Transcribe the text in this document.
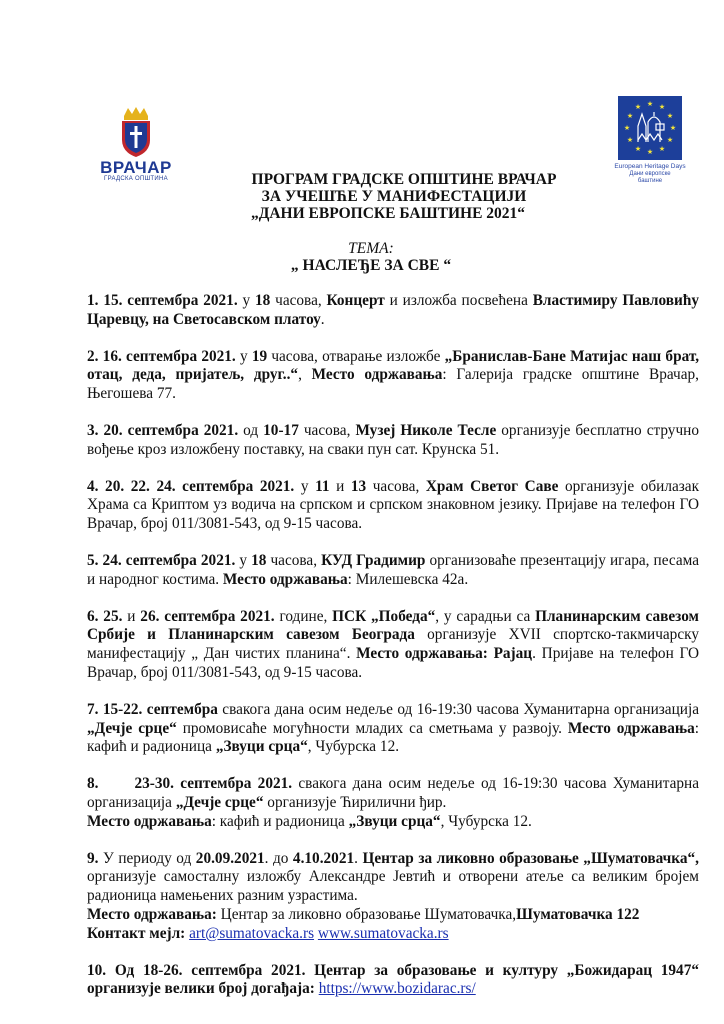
ВРАЧАР
ГРАДСКА ОПШТИНА
★ ★
★
★
★
★
★
★
★
★
★
★
European Heritage Days
Дани европске
баштине
ПРОГРАМ ГРАДСКЕ ОПШТИНЕ ВРАЧАР
ЗА УЧЕШЋЕ У МАНИФЕСТАЦИЈИ
„ДАНИ ЕВРОПСКЕ БАШТИНЕ 2021“
ТЕМА:
„ НАСЛЕЂЕ ЗА СВЕ “

1. 15. септембра 2021. у 18 часова, Концерт и изложба посвећена Властимиру Павловићу Царевцу, на Светосавском платоу.

2. 16. септембра 2021. у 19 часова, отварање изложбе „Бранислав-Бане Матијас наш брат, отац, деда, пријатељ, друг..“, Место одржавања: Галерија градске општине Врачар, Његошева 77.

3. 20. септембра 2021. од 10-17 часова, Музеј Николе Тесле организује бесплатно стручно вођење кроз изложбену поставку, на сваки пун сат. Крунска 51.

4. 20. 22. 24. септембра 2021. у 11 и 13 часова, Храм Светог Саве организује обилазак Храма са Криптом уз водича на српском и српском знаковном језику. Пријаве на телефон ГО Врачар, број 011/3081-543, од 9-15 часова.

5. 24. септембра 2021. у 18 часова, КУД Градимир организоваће презентацију игара, песама и народног костима. Место одржавања: Милешевска 42а.

6. 25. и 26. септембра 2021. године, ПСК „Победа“, у сарадњи са Планинарским савезом Србије и Планинарским савезом Београда организује XVII спортско-такмичарску манифестацију „ Дан чистих планина“. Место одржавања: Рајац. Пријаве на телефон ГО Врачар, број 011/3081-543, од 9-15 часова.

7. 15-22. септембра свакога дана осим недеље од 16-19:30 часова Хуманитарна организација „Дечје срце“ промовисаће могућности младих са сметњама у развоју. Место одржавања: кафић и радионица „Звуци срца“, Чубурска 12.

8. 23-30. септембра 2021. свакога дана осим недеље од 16-19:30 часова Хуманитарна организација „Дечје срце“ организује Ћирилични ђир.
Место одржавања: кафић и радионица „Звуци срца“, Чубурска 12.

9. У периоду од 20.09.2021. до 4.10.2021. Центар за ликовно образовање „Шуматовачка“, организује самосталну изложбу Александре Јевтић и отворени атеље са великим бројем радионица намењених разним узрастима.
Место одржавања: Центар за ликовно образовање Шуматовачка,Шуматовачка 122
Контакт мејл: art@sumatovacka.rs www.sumatovacka.rs

10. Од 18-26. септембра 2021. Центар за образовање и културу „Божидарац 1947“ организује велики број догађаја: https://www.bozidarac.rs/
